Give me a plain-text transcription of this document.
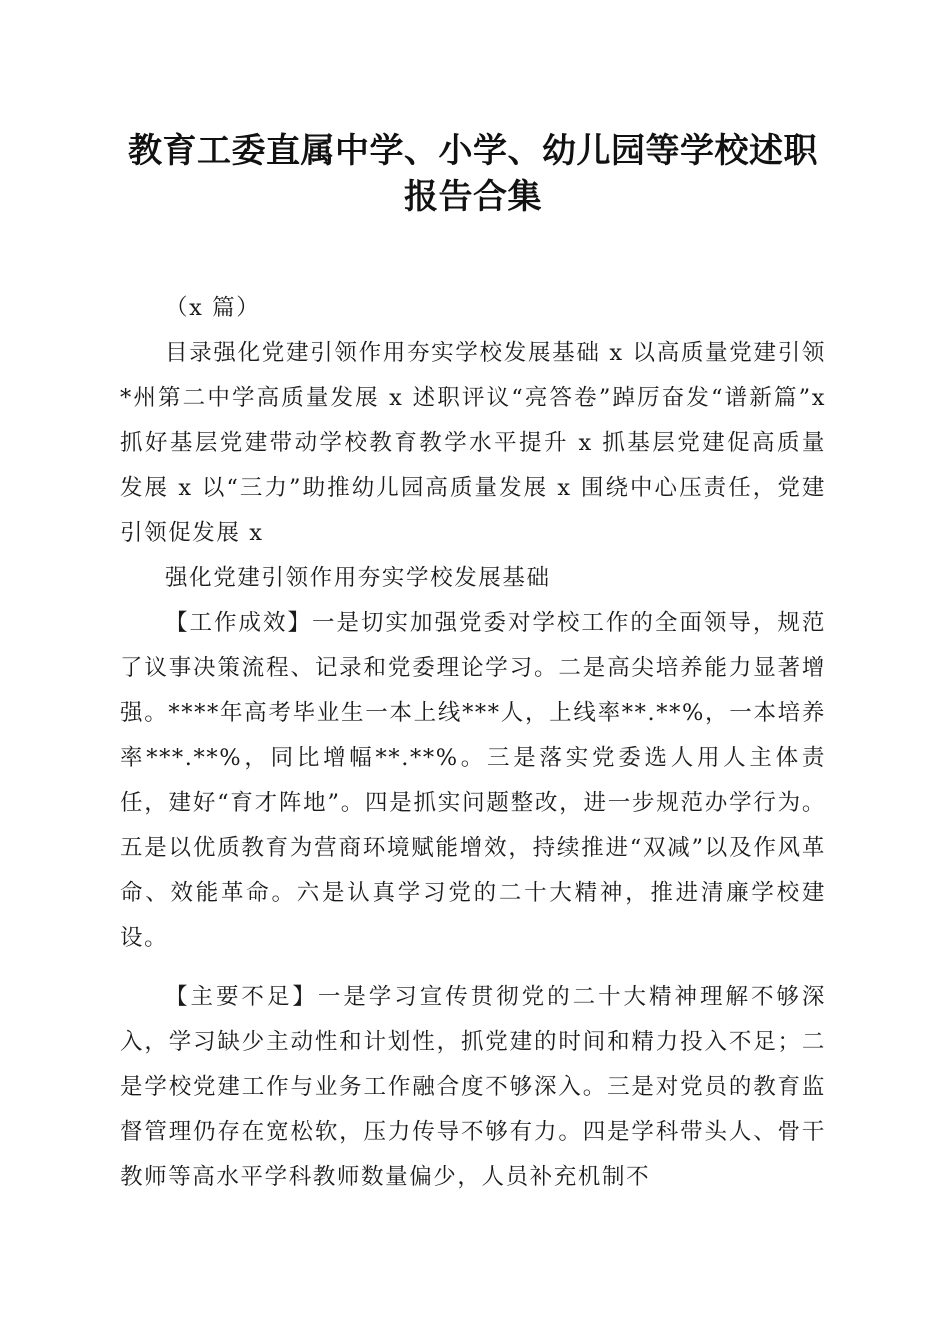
教育工委直属中学、小学、幼儿园等学校述职
报告合集

（x 篇）

目录强化党建引领作用夯实学校发展基础 x 以高质量党建引领*州第二中学高质量发展 x 述职评议“亮答卷”踔厉奋发“谱新篇”x 抓好基层党建带动学校教育教学水平提升 x 抓基层党建促高质量发展 x 以“三力”助推幼儿园高质量发展 x 围绕中心压责任，党建引领促发展 x

强化党建引领作用夯实学校发展基础

【工作成效】一是切实加强党委对学校工作的全面领导，规范了议事决策流程、记录和党委理论学习。二是高尖培养能力显著增强。****年高考毕业生一本上线***人，上线率**.**%，一本培养率***.**%，同比增幅**.**%。三是落实党委选人用人主体责任，建好“育才阵地”。四是抓实问题整改，进一步规范办学行为。五是以优质教育为营商环境赋能增效，持续推进“双减”以及作风革命、效能革命。六是认真学习党的二十大精神，推进清廉学校建设。

【主要不足】一是学习宣传贯彻党的二十大精神理解不够深入，学习缺少主动性和计划性，抓党建的时间和精力投入不足；二是学校党建工作与业务工作融合度不够深入。三是对党员的教育监督管理仍存在宽松软，压力传导不够有力。四是学科带头人、骨干教师等高水平学科教师数量偏少，人员补充机制不
